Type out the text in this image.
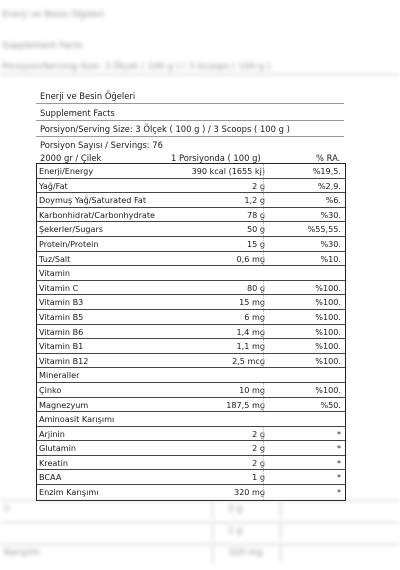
Enerji ve Besin Öğeleri
Supplement Facts
Porsiyon/Serving Size: 3 Ölçek ( 100 g ) / 3 Scoops ( 100 g )
Enerji ve Besin Öğeleri
Supplement Facts
Porsiyon/Serving Size: 3 Ölçek ( 100 g ) / 3 Scoops ( 100 g )
Porsiyon Sayısı / Servings: 76
2000 gr / Çilek	1 Porsiyonda ( 100 g)	% RA.
Enerji/Energy	390 kcal (1655 kj)	%19,5.
Yağ/Fat	2 g	%2,9.
Doymuş Yağ/Saturated Fat	1,2 g	%6.
Karbonhidrat/Carbonhydrate	78 g	%30.
Şekerler/Sugars	50 g	%55,55.
Protein/Protein	15 g	%30.
Tuz/Salt	0,6 mg	%10.
Vitamin
Vitamin C	80 g	%100.
Vitamin B3	15 mg	%100.
Vitamin B5	6 mg	%100.
Vitamin B6	1,4 mg	%100.
Vitamin B1	1,1 mg	%100.
Vitamin B12	2,5 mcg	%100.
Mineraller
Çinko	10 mg	%100.
Magnezyum	187,5 mg	%50.
Aminoasit Karışımı
Arjinin	2 g	*
Glutamin	2 g	*
Kreatin	2 g	*
BCAA	1 g	*
Enzim Karışımı	320 mg	*
n	2 g
1 g
Karışımı	320 mg
